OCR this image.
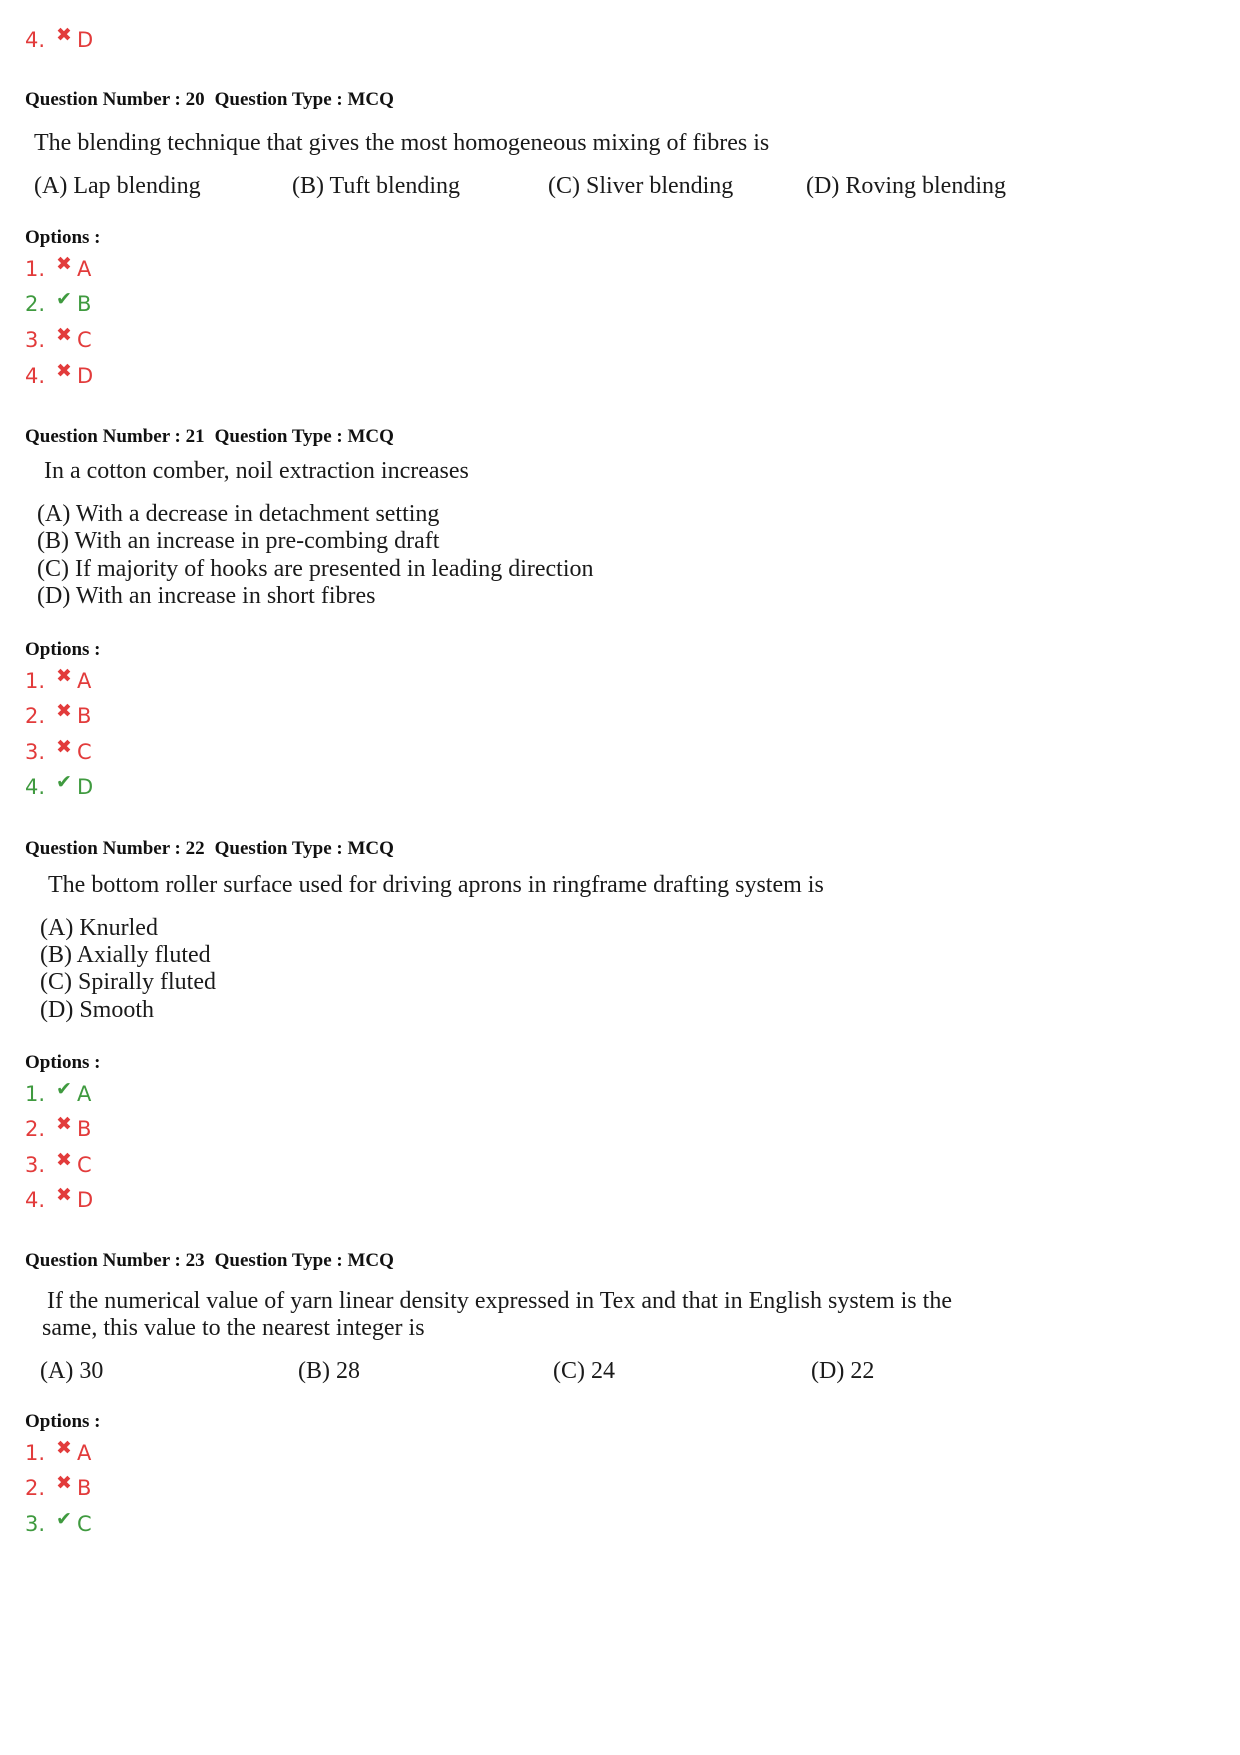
4. ✖ D
Question Number : 20 Question Type : MCQ
The blending technique that gives the most homogeneous mixing of fibres is
(A) Lap blending	(B) Tuft blending	(C) Sliver blending	(D) Roving blending
Options :
1. ✖ A
2. ✔ B
3. ✖ C
4. ✖ D
Question Number : 21 Question Type : MCQ
In a cotton comber, noil extraction increases
(A) With a decrease in detachment setting
(B) With an increase in pre-combing draft
(C) If majority of hooks are presented in leading direction
(D) With an increase in short fibres
Options :
1. ✖ A
2. ✖ B
3. ✖ C
4. ✔ D
Question Number : 22 Question Type : MCQ
The bottom roller surface used for driving aprons in ringframe drafting system is
(A) Knurled
(B) Axially fluted
(C) Spirally fluted
(D) Smooth
Options :
1. ✔ A
2. ✖ B
3. ✖ C
4. ✖ D
Question Number : 23 Question Type : MCQ
If the numerical value of yarn linear density expressed in Tex and that in English system is the
same, this value to the nearest integer is
(A) 30	(B) 28	(C) 24	(D) 22
Options :
1. ✖ A
2. ✖ B
3. ✔ C
